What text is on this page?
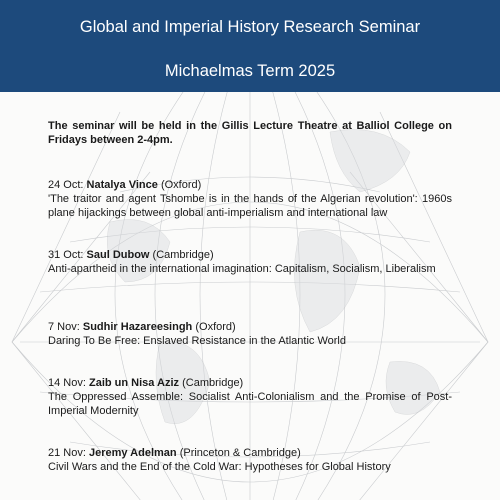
Global and Imperial History Research Seminar
Michaelmas Term 2025
The seminar will be held in the Gillis Lecture Theatre at Balliol College on Fridays between 2-4pm.
24 Oct: Natalya Vince (Oxford)
'The traitor and agent Tshombe is in the hands of the Algerian revolution': 1960s plane hijackings between global anti-imperialism and international law
31 Oct: Saul Dubow (Cambridge)
Anti-apartheid in the international imagination: Capitalism, Socialism, Liberalism
7 Nov: Sudhir Hazareesingh (Oxford)
Daring To Be Free: Enslaved Resistance in the Atlantic World
14 Nov: Zaib un Nisa Aziz (Cambridge)
The Oppressed Assemble: Socialist Anti-Colonialism and the Promise of Post-Imperial Modernity
21 Nov: Jeremy Adelman (Princeton & Cambridge)
Civil Wars and the End of the Cold War: Hypotheses for Global History
